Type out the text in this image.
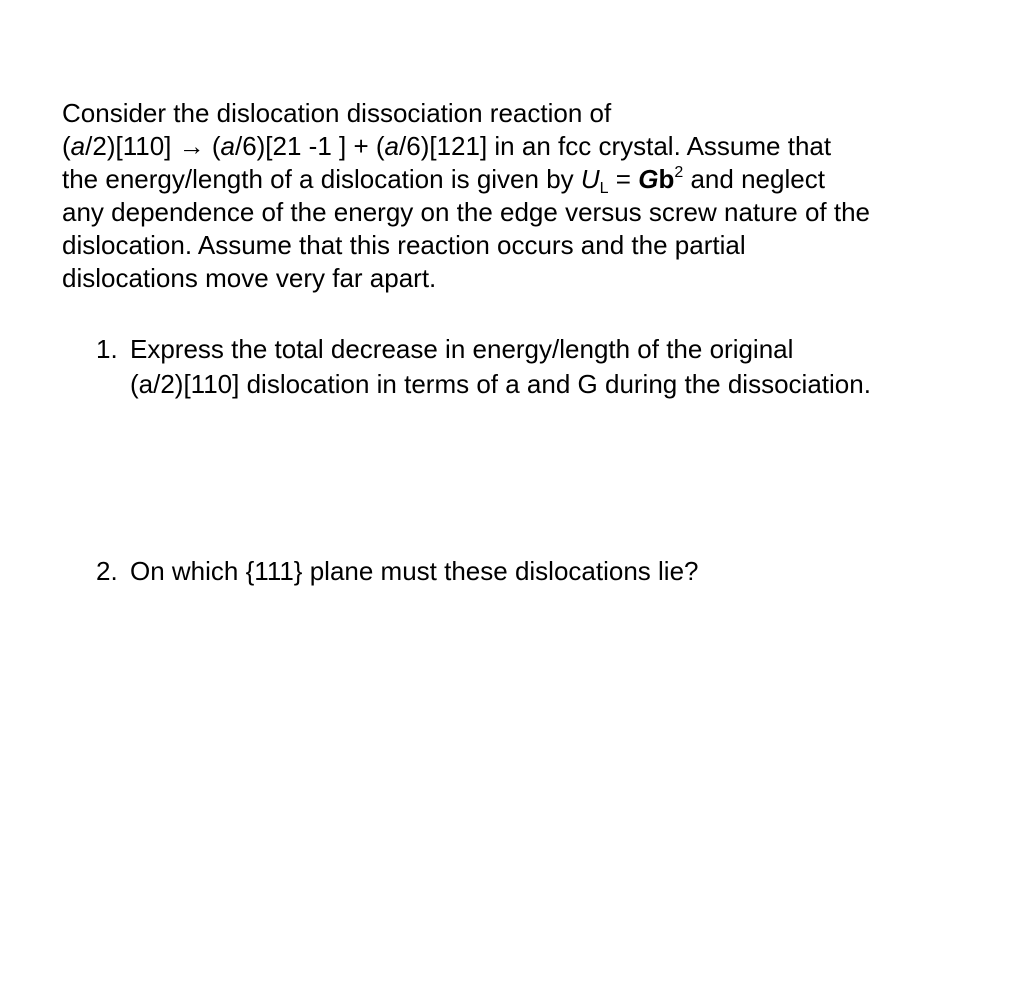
Consider the dislocation dissociation reaction of
(a/2)[110] → (a/6)[21 -1 ] + (a/6)[121] in an fcc crystal. Assume that
the energy/length of a dislocation is given by $U_L = Gb^2$ and neglect
any dependence of the energy on the edge versus screw nature of the
dislocation. Assume that this reaction occurs and the partial
dislocations move very far apart.
1. Express the total decrease in energy/length of the original
(a/2)[110] dislocation in terms of a and G during the dissociation.
2. On which {111} plane must these dislocations lie?
